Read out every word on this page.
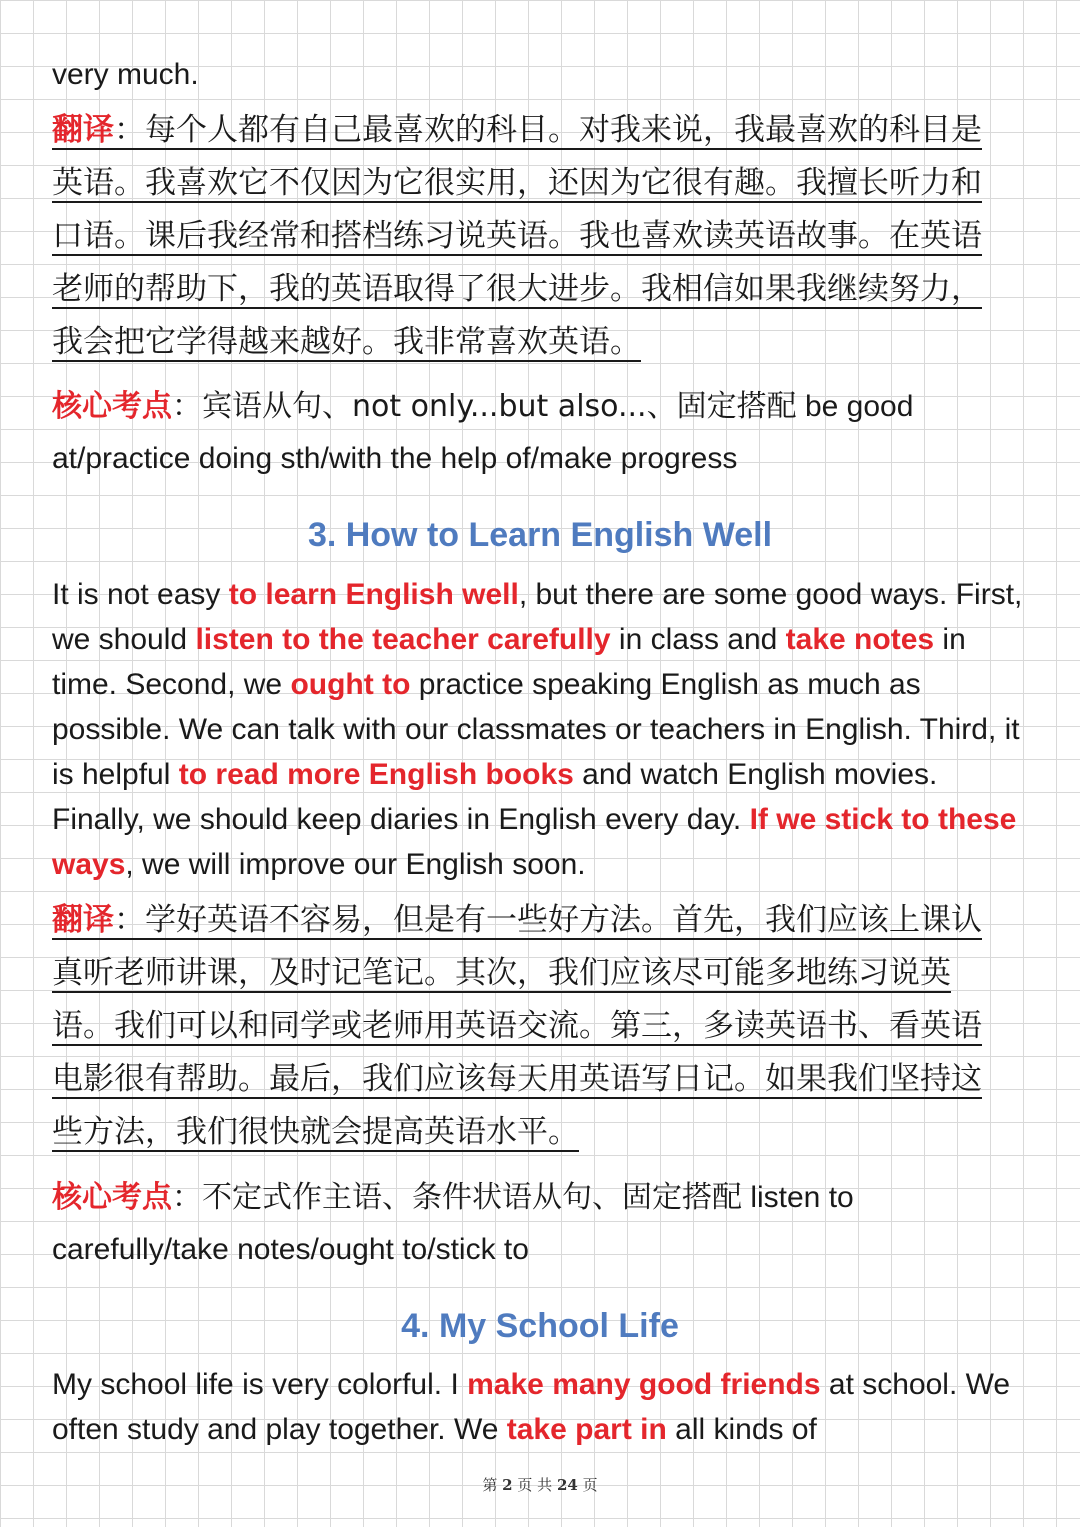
very much.

翻译：每个人都有自己最喜欢的科目。对我来说，我最喜欢的科目是英语。我喜欢它不仅因为它很实用，还因为它很有趣。我擅长听力和口语。课后我经常和搭档练习说英语。我也喜欢读英语故事。在英语老师的帮助下，我的英语取得了很大进步。我相信如果我继续努力，我会把它学得越来越好。我非常喜欢英语。

核心考点：宾语从句、not only...but also...、固定搭配 be good at/practice doing sth/with the help of/make progress

3. How to Learn English Well

It is not easy to learn English well, but there are some good ways. First, we should listen to the teacher carefully in class and take notes in time. Second, we ought to practice speaking English as much as possible. We can talk with our classmates or teachers in English. Third, it is helpful to read more English books and watch English movies. Finally, we should keep diaries in English every day. If we stick to these ways, we will improve our English soon.

翻译：学好英语不容易，但是有一些好方法。首先，我们应该上课认真听老师讲课，及时记笔记。其次，我们应该尽可能多地练习说英语。我们可以和同学或老师用英语交流。第三，多读英语书、看英语电影很有帮助。最后，我们应该每天用英语写日记。如果我们坚持这些方法，我们很快就会提高英语水平。

核心考点：不定式作主语、条件状语从句、固定搭配 listen to carefully/take notes/ought to/stick to

4. My School Life

My school life is very colorful. I make many good friends at school. We often study and play together. We take part in all kinds of

第 2 页 共 24 页
